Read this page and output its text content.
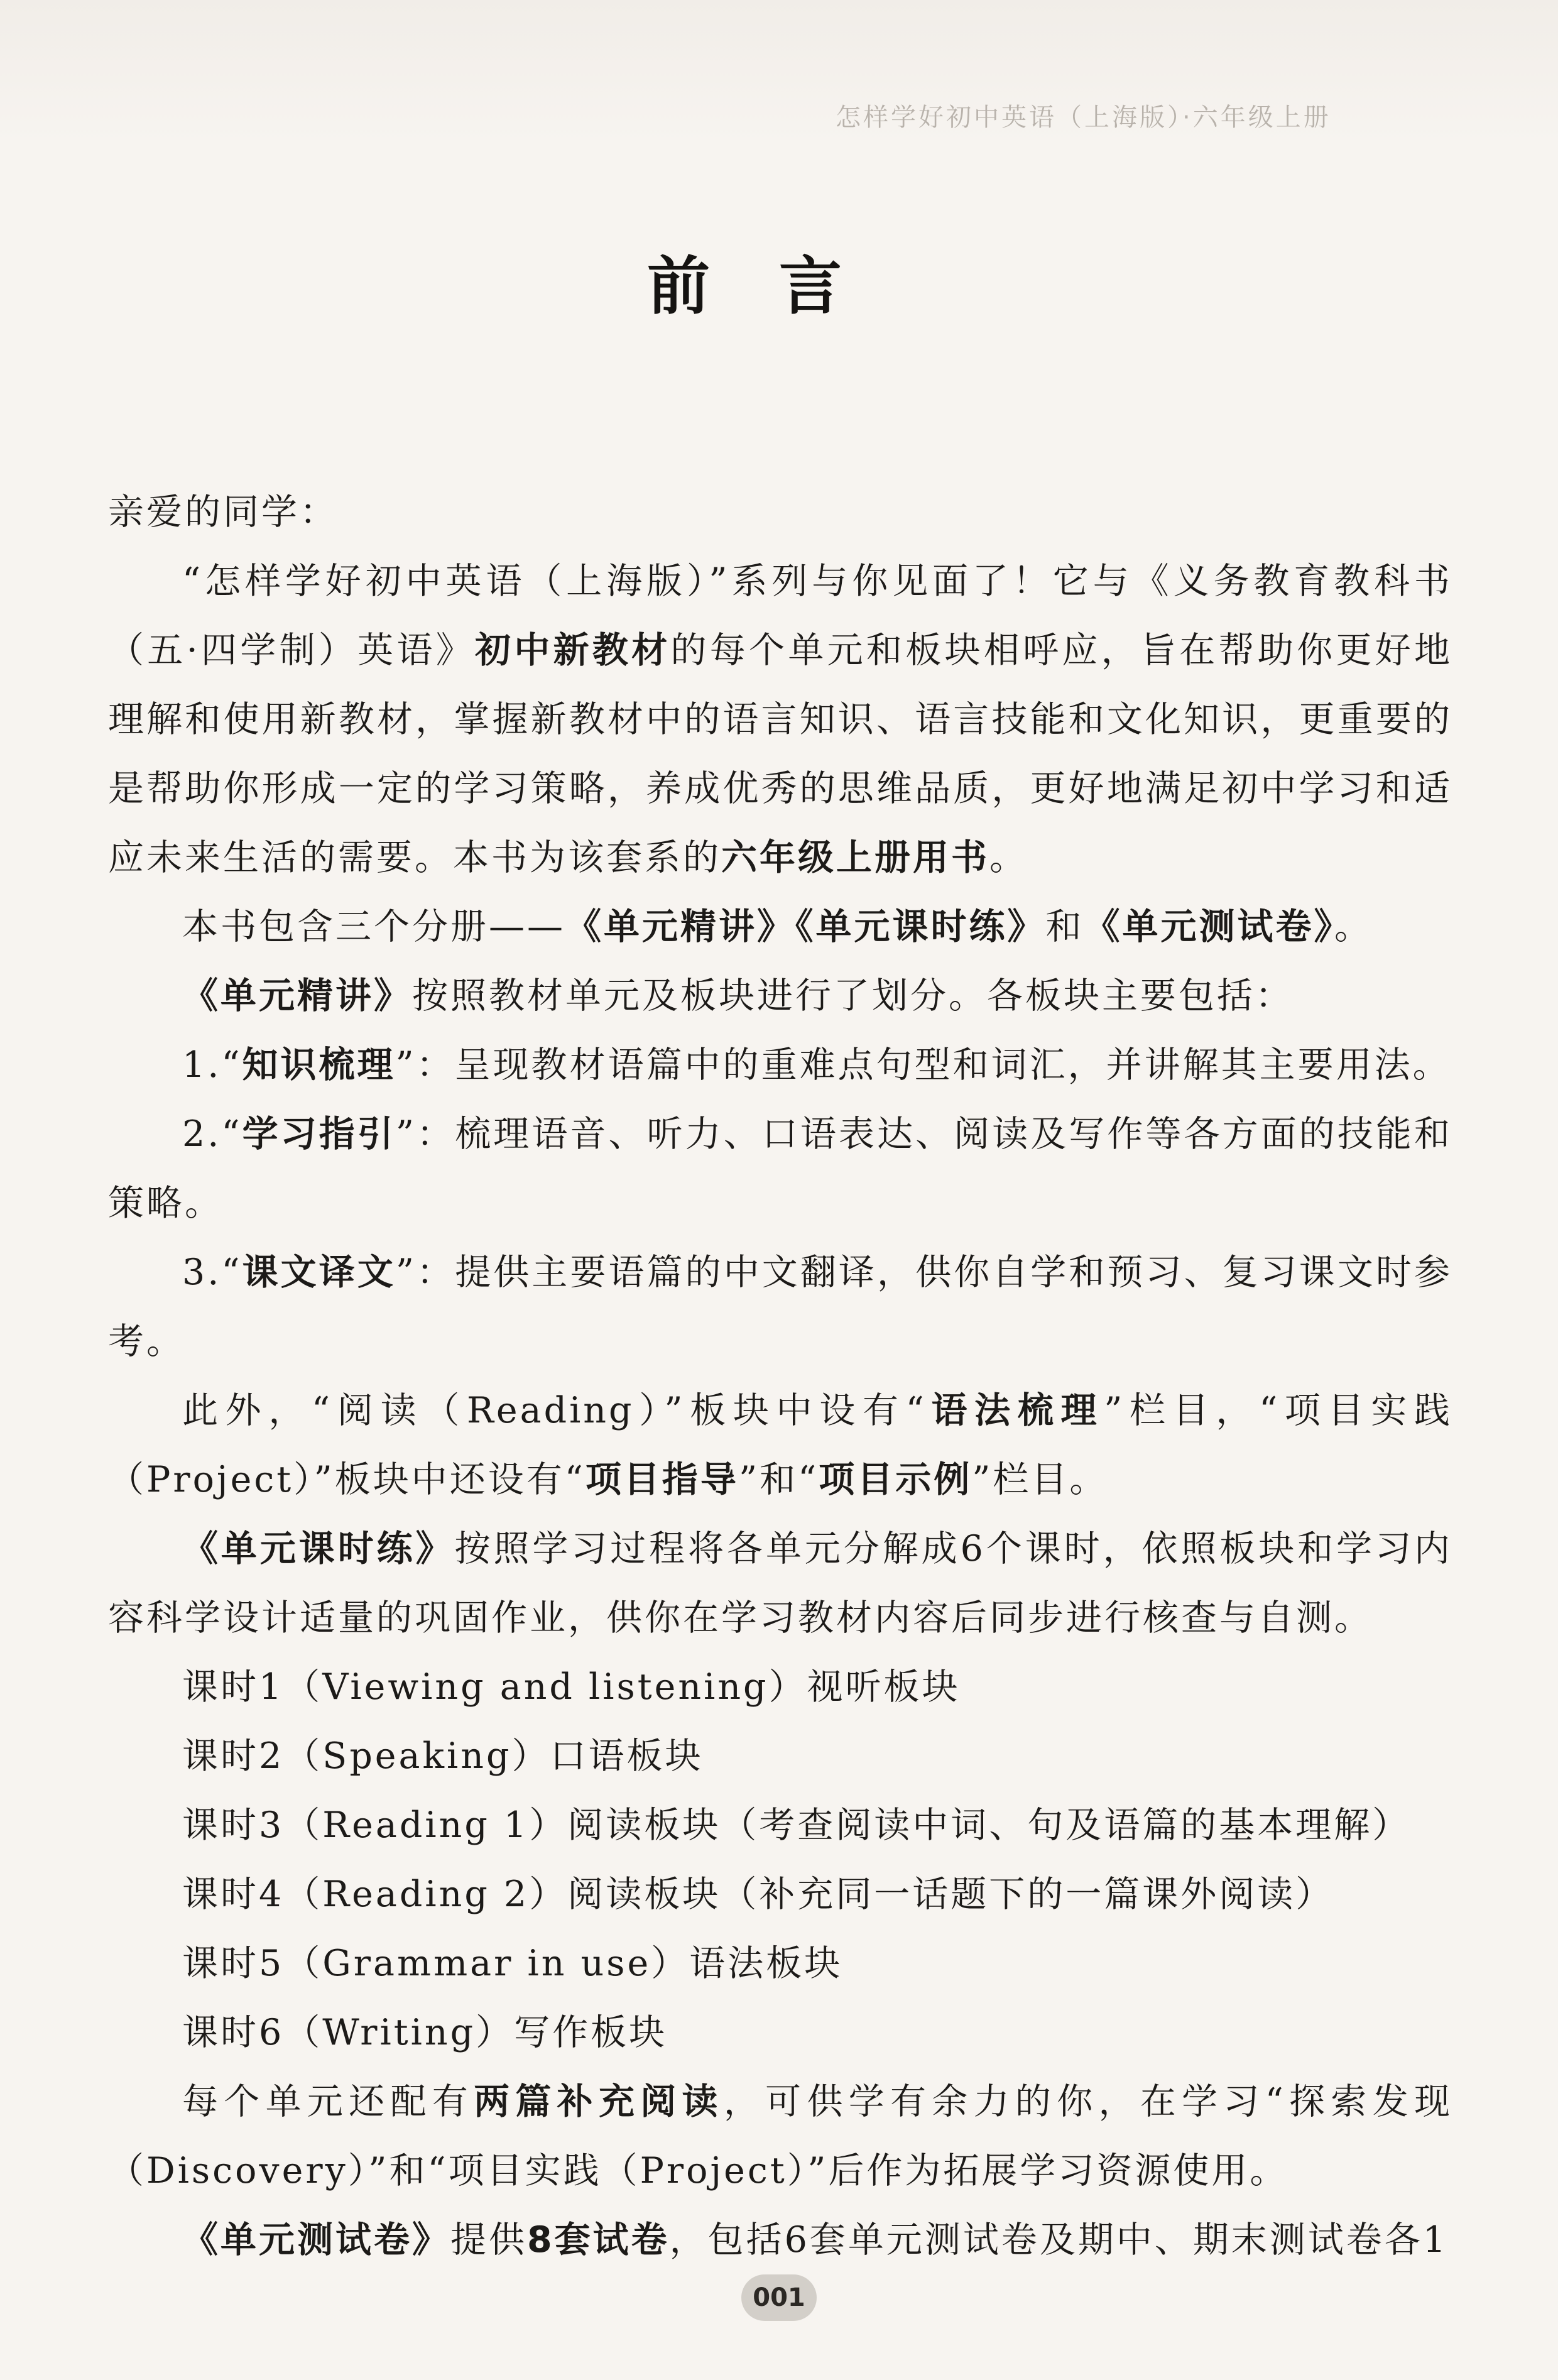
怎样学好初中英语（上海版）·六年级上册
前言

亲爱的同学：

“怎样学好初中英语（上海版）”系列与你见面了！它与《义务教育教科书（五·四学制）英语》初中新教材的每个单元和板块相呼应，旨在帮助你更好地理解和使用新教材，掌握新教材中的语言知识、语言技能和文化知识，更重要的是帮助你形成一定的学习策略，养成优秀的思维品质，更好地满足初中学习和适应未来生活的需要。本书为该套系的六年级上册用书。

本书包含三个分册——《单元精讲》《单元课时练》和《单元测试卷》。

《单元精讲》按照教材单元及板块进行了划分。各板块主要包括：

1.“知识梳理”：呈现教材语篇中的重难点句型和词汇，并讲解其主要用法。

2.“学习指引”：梳理语音、听力、口语表达、阅读及写作等各方面的技能和策略。

3.“课文译文”：提供主要语篇的中文翻译，供你自学和预习、复习课文时参考。

此外，“阅读（Reading）”板块中设有“语法梳理”栏目，“项目实践（Project）”板块中还设有“项目指导”和“项目示例”栏目。

《单元课时练》按照学习过程将各单元分解成6个课时，依照板块和学习内容科学设计适量的巩固作业，供你在学习教材内容后同步进行核查与自测。

课时1（Viewing and listening）视听板块

课时2（Speaking）口语板块

课时3（Reading 1）阅读板块（考查阅读中词、句及语篇的基本理解）

课时4（Reading 2）阅读板块（补充同一话题下的一篇课外阅读）

课时5（Grammar in use）语法板块

课时6（Writing）写作板块

每个单元还配有两篇补充阅读，可供学有余力的你，在学习“探索发现（Discovery）”和“项目实践（Project）”后作为拓展学习资源使用。

《单元测试卷》提供8套试卷，包括6套单元测试卷及期中、期末测试卷各1

001
